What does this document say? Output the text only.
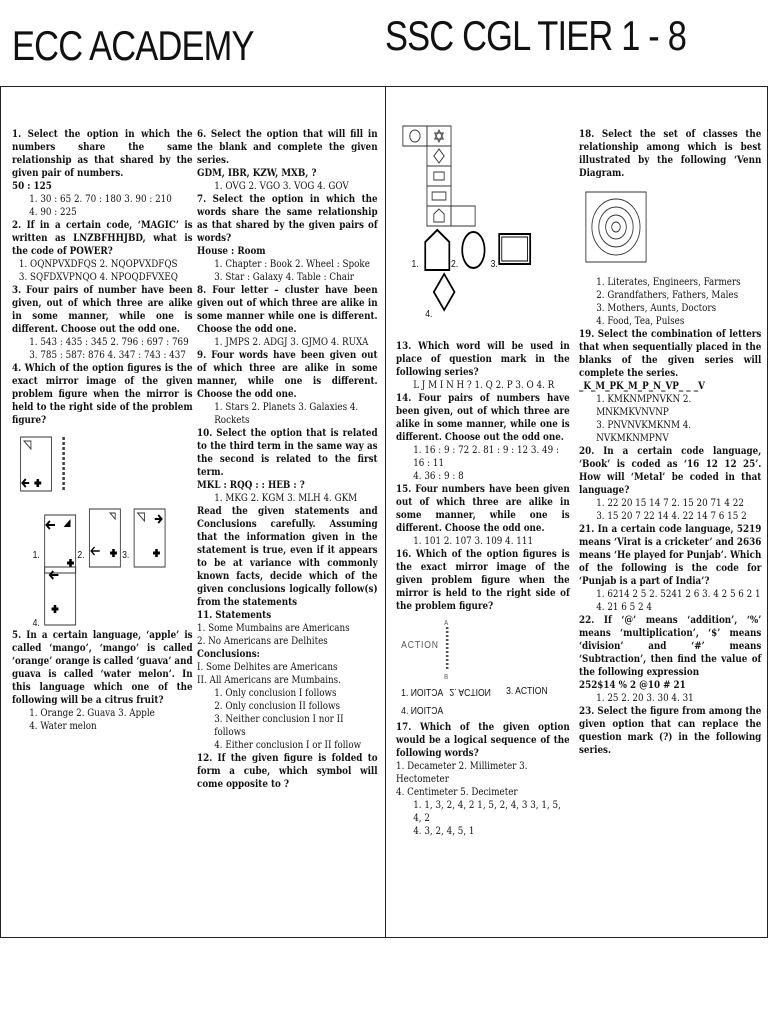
ECC ACADEMY	SSC CGL TIER 1 - 8
1. Select the option in which the numbers share the same relationship as that shared by the given pair of numbers.
50 : 125
1. 30 : 65 2. 70 : 180 3. 90 : 210
4. 90 : 225
2. If in a certain code, ‘MAGIC’ is written as LNZBFHHJBD, what is the code of POWER?
1. OQNPVXDFQS 2. NQOPVXDFQS
3. SQFDXVPNQO 4. NPOQDFVXEQ
3. Four pairs of number have been given, out of which three are alike in some manner, while one is different. Choose out the odd one.
1. 543 : 435 : 345 2. 796 : 697 : 769
3. 785 : 587: 876 4. 347 : 743 : 437
4. Which of the option figures is the exact mirror image of the given problem figure when the mirror is held to the right side of the problem figure?
1.	2.	3.
4.
5. In a certain language, ‘apple’ is called ‘mango’, ‘mango’ is called ‘orange’ orange is called ‘guava’ and guava is called ‘water melon’. In this language which one of the following will be a citrus fruit?
1. Orange 2. Guava 3. Apple
4. Water melon
6. Select the option that will fill in the blank and complete the given series.
GDM, IBR, KZW, MXB, ?
1. OVG 2. VGO 3. VOG 4. GOV
7. Select the option in which the words share the same relationship as that shared by the given pairs of words?
House : Room
1. Chapter : Book 2. Wheel : Spoke
3. Star : Galaxy 4. Table : Chair
8. Four letter – cluster have been given out of which three are alike in some manner while one is different. Choose the odd one.
1. JMPS 2. ADGJ 3. GJMO 4. RUXA
9. Four words have been given out of which three are alike in some manner, while one is different. Choose the odd one.
1. Stars 2. Planets 3. Galaxies 4. Rockets
10. Select the option that is related to the third term in the same way as the second is related to the first term.
MKL : RQQ : : HEB : ?
1. MKG 2. KGM 3. MLH 4. GKM
Read the given statements and Conclusions carefully. Assuming that the information given in the statement is true, even if it appears to be at variance with commonly known facts, decide which of the given conclusions logically follow(s) from the statements
11. Statements
1. Some Mumbains are Americans
2. No Americans are Delhites
Conclusions:
I. Some Delhites are Americans
II. All Americans are Mumbains.
1. Only conclusion I follows
2. Only conclusion II follows
3. Neither conclusion I nor II follows
4. Either conclusion I or II follow
12. If the given figure is folded to form a cube, which symbol will come opposite to ?
1.	2.	3.
4.
13. Which word will be used in place of question mark in the following series?
L J M I N H ? 1. Q 2. P 3. O 4. R
14. Four pairs of numbers have been given, out of which three are alike in some manner, while one is different. Choose out the odd one.
1. 16 : 9 : 72 2. 81 : 9 : 12 3. 49 : 16 : 11
4. 36 : 9 : 8
15. Four numbers have been given out of which three are alike in some manner, while one is different. Choose the odd one.
1. 101 2. 107 3. 109 4. 111
16. Which of the option figures is the exact mirror image of the given problem figure when the mirror is held to the right side of the problem figure?
ACTION
A
B
1. ИOITƆA 2. ACTION 3. ACTION
4. ИOITƆA
17. Which of the given option would be a logical sequence of the following words?
1. Decameter 2. Millimeter 3. Hectometer
4. Centimeter 5. Decimeter
1. 1, 3, 2, 4, 2 1, 5, 2, 4, 3 3, 1, 5, 4, 2
4. 3, 2, 4, 5, 1
18. Select the set of classes the relationship among which is best illustrated by the following ‘Venn Diagram.
1. Literates, Engineers, Farmers
2. Grandfathers, Fathers, Males
3. Mothers, Aunts, Doctors
4. Food, Tea, Pulses
19. Select the combination of letters that when sequentially placed in the blanks of the given series will complete the series.
_K_M_PK_M_P_N_VP_ _ _V
1. KMKNMPNVKN 2. MNKMKVNVNP
3. PNVNVKMKNM 4. NVKMKNMPNV
20. In a certain code language, ‘Book’ is coded as ‘16 12 12 25’. How will ‘Metal’ be coded in that language?
1. 22 20 15 14 7 2. 15 20 71 4 22
3. 15 20 7 22 14 4. 22 14 7 6 15 2
21. In a certain code language, 5219 means ‘Virat is a cricketer’ and 2636 means ‘He played for Punjab’. Which of the following is the code for ‘Punjab is a part of India’?
1. 6214 2 5 2. 5241 2 6 3. 4 2 5 6 2 1 4. 21 6 5 2 4
22. If ‘@’ means ‘addition’, ‘%’ means ‘multiplication’, ‘$’ means ‘division’ and ‘#’ means ‘Subtraction’, then find the value of the following expression
252$14 % 2 @10 # 21
1. 25 2. 20 3. 30 4. 31
23. Select the figure from among the given option that can replace the question mark (?) in the following series.
